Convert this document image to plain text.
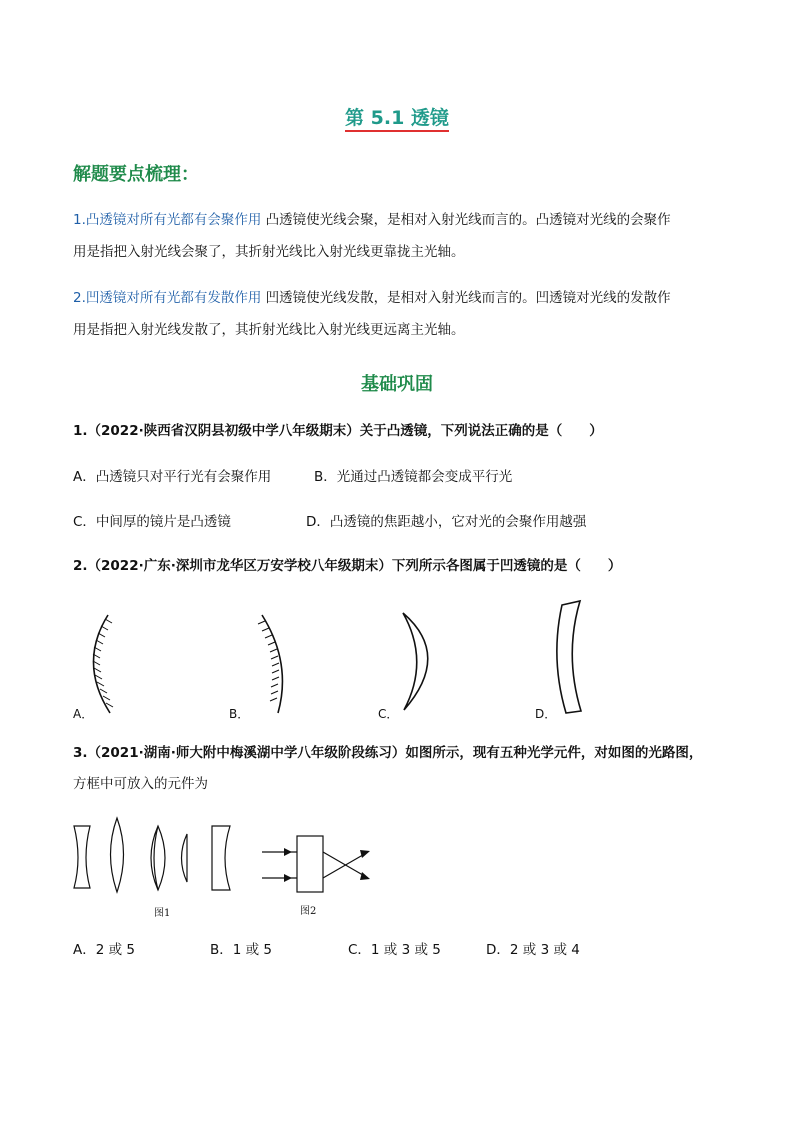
第 5.1 透镜
解题要点梳理：
1.凸透镜对所有光都有会聚作用 凸透镜使光线会聚，是相对入射光线而言的。凸透镜对光线的会聚作
用是指把入射光线会聚了，其折射光线比入射光线更靠拢主光轴。
2.凹透镜对所有光都有发散作用 凹透镜使光线发散，是相对入射光线而言的。凹透镜对光线的发散作
用是指把入射光线发散了，其折射光线比入射光线更远离主光轴。
基础巩固
1.（2022·陕西省汉阴县初级中学八年级期末）关于凸透镜，下列说法正确的是（　　）
A．凸透镜只对平行光有会聚作用	B．光通过凸透镜都会变成平行光
C．中间厚的镜片是凸透镜	D．凸透镜的焦距越小，它对光的会聚作用越强
2.（2022·广东·深圳市龙华区万安学校八年级期末）下列所示各图属于凹透镜的是（　　）
A．	B．	C．	D．
3.（2021·湖南·师大附中梅溪湖中学八年级阶段练习）如图所示，现有五种光学元件，对如图的光路图，
方框中可放入的元件为
图1	图2
A．2 或 5	B．1 或 5	C．1 或 3 或 5	D．2 或 3 或 4
